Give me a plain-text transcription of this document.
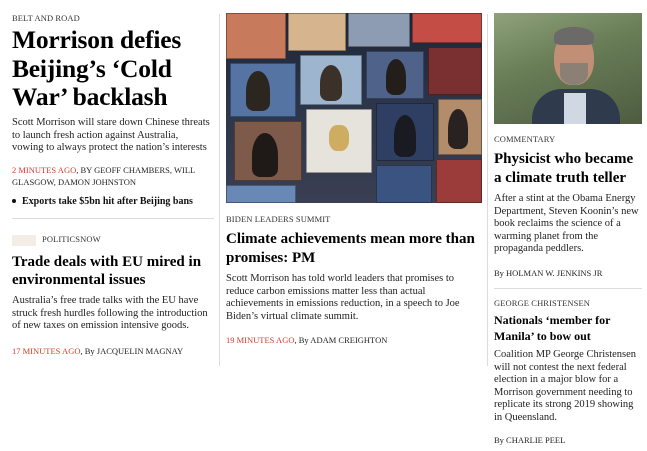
BELT AND ROAD
Morrison defies Beijing’s ‘Cold War’ backlash
Scott Morrison will stare down Chinese threats to launch fresh action against Australia, vowing to always protect the nation’s interests
2 MINUTES AGO, BY GEOFF CHAMBERS, WILL GLASGOW, DAMON JOHNSTON
Exports take $5bn hit after Beijing bans
POLITICSNOW
Trade deals with EU mired in environmental issues
Australia’s free trade talks with the EU have struck fresh hurdles following the introduction of new taxes on emission intensive goods.
17 MINUTES AGO, By JACQUELIN MAGNAY
BIDEN LEADERS SUMMIT
Climate achievements mean more than promises: PM
Scott Morrison has told world leaders that promises to reduce carbon emissions matter less than actual achievements in emissions reduction, in a speech to Joe Biden’s virtual climate summit.
19 MINUTES AGO, By ADAM CREIGHTON
COMMENTARY
Physicist who became a climate truth teller
After a stint at the Obama Energy Department, Steven Koonin’s new book reclaims the science of a warming planet from the propaganda peddlers.
By HOLMAN W. JENKINS JR
GEORGE CHRISTENSEN
Nationals ‘member for Manila’ to bow out
Coalition MP George Christensen will not contest the next federal election in a major blow for a Morrison government needing to replicate its strong 2019 showing in Queensland.
By CHARLIE PEEL
